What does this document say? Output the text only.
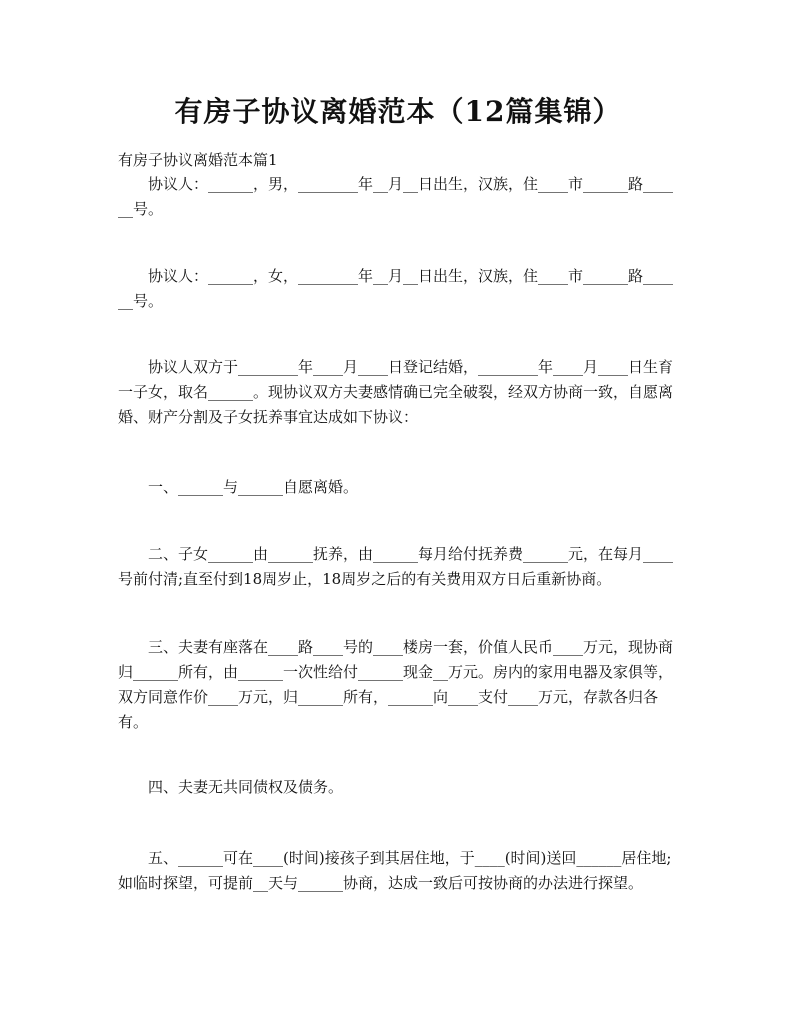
有房子协议离婚范本（12篇集锦）

有房子协议离婚范本篇1

协议人：______，男，________年__月__日出生，汉族，住____市______路______号。

协议人：______，女，________年__月__日出生，汉族，住____市______路______号。

协议人双方于________年____月____日登记结婚，________年____月____日生育一子女，取名______。现协议双方夫妻感情确已完全破裂，经双方协商一致，自愿离婚、财产分割及子女抚养事宜达成如下协议：

一、______与______自愿离婚。

二、子女______由______抚养，由______每月给付抚养费______元，在每月____号前付清;直至付到18周岁止，18周岁之后的有关费用双方日后重新协商。

三、夫妻有座落在____路____号的____楼房一套，价值人民币____万元，现协商归______所有，由______一次性给付______现金__万元。房内的家用电器及家俱等，双方同意作价____万元，归______所有，______向____支付____万元，存款各归各有。

四、夫妻无共同债权及债务。

五、______可在____(时间)接孩子到其居住地，于____(时间)送回______居住地;如临时探望，可提前__天与______协商，达成一致后可按协商的办法进行探望。
